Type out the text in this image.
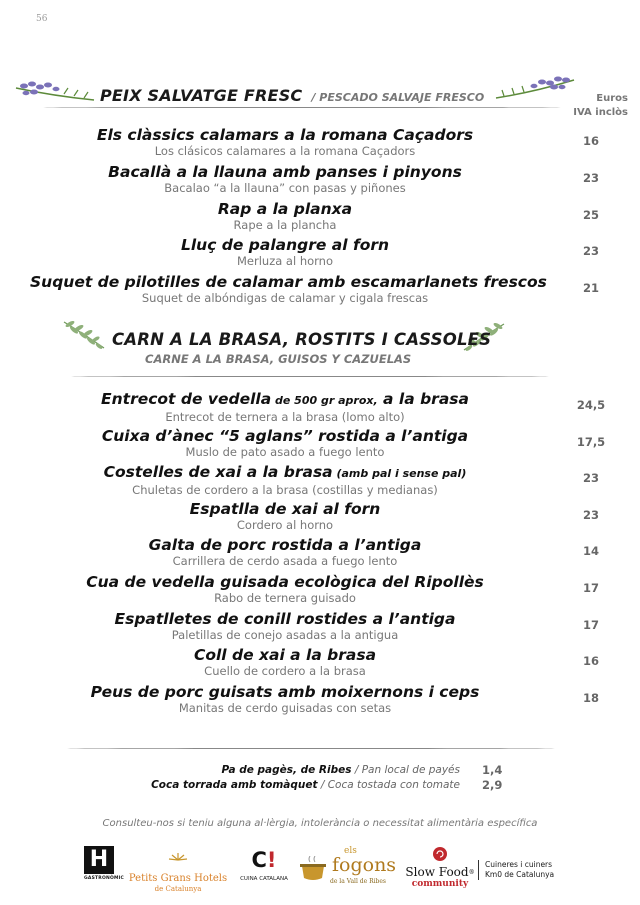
56
PEIX SALVATGE FRESC / PESCADO SALVAJE FRESCO	Euros
IVA inclòs
Els clàssics calamars a la romana Caçadors
Los clásicos calamares a la romana Caçadors
16
Bacallà a la llauna amb panses i pinyons
Bacalao “a la llauna” con pasas y piñones
23
Rap a la planxa
Rape a la plancha
25
Lluç de palangre al forn
Merluza al horno
23
Suquet de pilotilles de calamar amb escamarlanets frescos
Suquet de albóndigas de calamar y cigala frescas
21
CARN A LA BRASA, ROSTITS I CASSOLES
CARNE A LA BRASA, GUISOS Y CAZUELAS
Entrecot de vedella de 500 gr aprox, a la brasa
Entrecot de ternera a la brasa (lomo alto)
24,5
Cuixa d’ànec “5 aglans” rostida a l’antiga
Muslo de pato asado a fuego lento
17,5
Costelles de xai a la brasa (amb pal i sense pal)
Chuletas de cordero a la brasa (costillas y medianas)
23
Espatlla de xai al forn
Cordero al horno
23
Galta de porc rostida a l’antiga
Carrillera de cerdo asada a fuego lento
14
Cua de vedella guisada ecològica del Ripollès
Rabo de ternera guisado
17
Espatlletes de conill rostides a l’antiga
Paletillas de conejo asadas a la antigua
17
Coll de xai a la brasa
Cuello de cordero a la brasa
16
Peus de porc guisats amb moixernons i ceps
Manitas de cerdo guisadas con setas
18
Pa de pagès, de Ribes / Pan local de payés 1,4
Coca torrada amb tomàquet / Coca tostada con tomate 2,9
Consulteu-nos si teniu alguna al·lèrgia, intolerància o necessitat alimentària específica
H
GASTRONÒMIC Petits Grans Hotels
de Catalunya
C!
CUINA CATALANA
els
fogons
de la Vall de Ribes
Slow Food®
community
Cuineres i cuiners
Km0 de Catalunya
